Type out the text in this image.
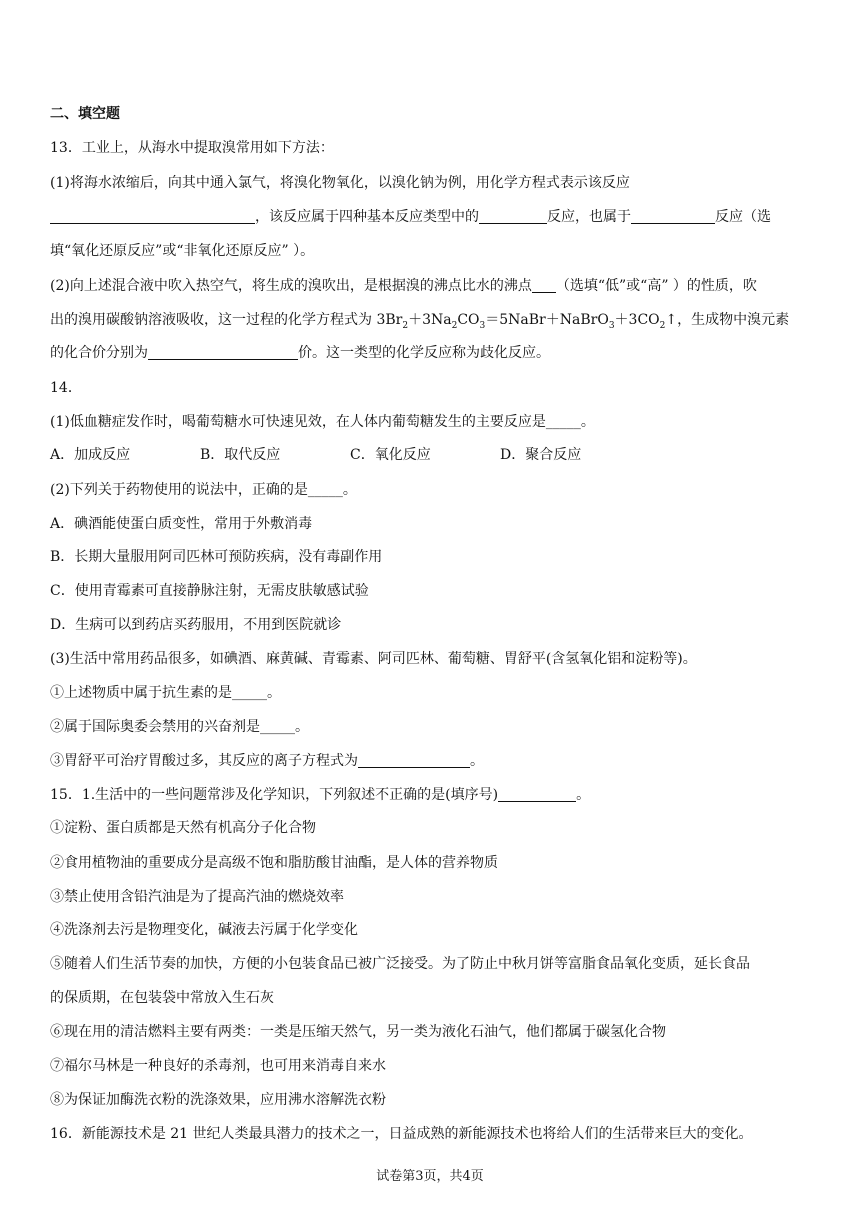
二、填空题
13．工业上，从海水中提取溴常用如下方法：
(1)将海水浓缩后，向其中通入氯气，将溴化物氧化，以溴化钠为例，用化学方程式表示该反应
，该反应属于四种基本反应类型中的	反应，也属于	反应（选
填“氧化还原反应”或“非氧化还原反应” ）。
(2)向上述混合液中吹入热空气，将生成的溴吹出，是根据溴的沸点比水的沸点 （选填“低”或“高” ）的性质，吹
出的溴用碳酸钠溶液吸收，这一过程的化学方程式为 $3Br_2+3Na_2CO_3=5NaBr+NaBrO_3+3CO_2↑$，生成物中溴元素
的化合价分别为	价。这一类型的化学反应称为歧化反应。
14．
(1)低血糖症发作时，喝葡萄糖水可快速见效，在人体内葡萄糖发生的主要反应是_____。
A．加成反应	B．取代反应	C．氧化反应	D．聚合反应
(2)下列关于药物使用的说法中，正确的是_____。
A．碘酒能使蛋白质变性，常用于外敷消毒
B．长期大量服用阿司匹林可预防疾病，没有毒副作用
C．使用青霉素可直接静脉注射，无需皮肤敏感试验
D．生病可以到药店买药服用，不用到医院就诊
(3)生活中常用药品很多，如碘酒、麻黄碱、青霉素、阿司匹林、葡萄糖、胃舒平(含氢氧化铝和淀粉等)。
①上述物质中属于抗生素的是_____。
②属于国际奥委会禁用的兴奋剂是_____。
③胃舒平可治疗胃酸过多，其反应的离子方程式为	。
15．1.生活中的一些问题常涉及化学知识，下列叙述不正确的是(填序号)	。
①淀粉、蛋白质都是天然有机高分子化合物
②食用植物油的重要成分是高级不饱和脂肪酸甘油酯，是人体的营养物质
③禁止使用含铅汽油是为了提高汽油的燃烧效率
④洗涤剂去污是物理变化，碱液去污属于化学变化
⑤随着人们生活节奏的加快，方便的小包装食品已被广泛接受。为了防止中秋月饼等富脂食品氧化变质，延长食品
的保质期，在包装袋中常放入生石灰
⑥现在用的清洁燃料主要有两类：一类是压缩天然气，另一类为液化石油气，他们都属于碳氢化合物
⑦福尔马林是一种良好的杀毒剂，也可用来消毒自来水
⑧为保证加酶洗衣粉的洗涤效果，应用沸水溶解洗衣粉
16．新能源技术是 21 世纪人类最具潜力的技术之一，日益成熟的新能源技术也将给人们的生活带来巨大的变化。
试卷第3页，共4页
